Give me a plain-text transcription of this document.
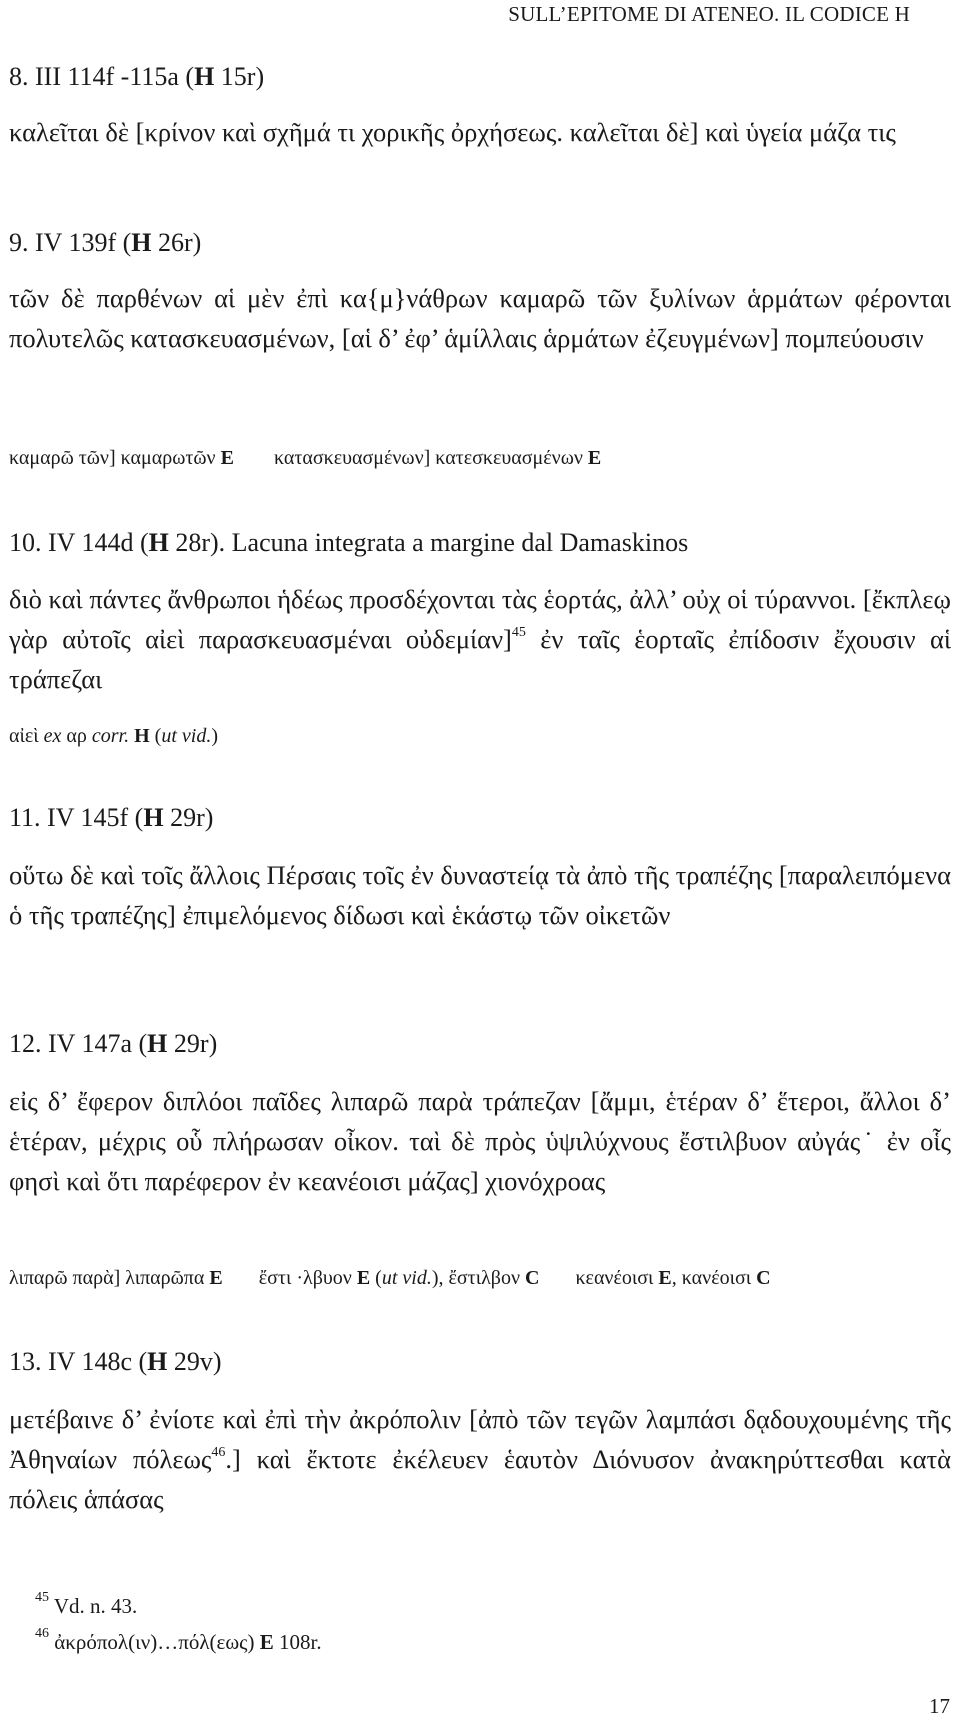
SULL’EPITOME DI ATENEO. IL CODICE H
8. III 114f -115a (H 15r)
καλεῖται δὲ [κρίνον καὶ σχῆμά τι χορικῆς ὀρχήσεως. καλεῖται δὲ] καὶ ὑγεία μάζα τις
9. IV 139f (H 26r)
τῶν δὲ παρθένων αἱ μὲν ἐπὶ κα{μ}νάθρων καμαρῶ τῶν ξυλίνων ἁρμάτων φέρονται πολυτελῶς κατασκευασμένων, [αἱ δ’ ἐφ’ ἁμίλλαις ἁρμάτων ἐζευγμένων] πομπεύουσιν
καμαρῶ τῶν] καμαρωτῶν E κατασκευασμένων] κατεσκευασμένων E
10. IV 144d (H 28r). Lacuna integrata a margine dal Damaskinos
διὸ καὶ πάντες ἄνθρωποι ἡδέως προσδέχονται τὰς ἑορτάς, ἀλλ’ οὐχ οἱ τύραννοι. [ἔκπλεῳ γὰρ αὐτοῖς αἰεὶ παρασκευασμέναι οὐδεμίαν]$^{45}$ ἐν ταῖς ἑορταῖς ἐπίδοσιν ἔχουσιν αἱ τράπεζαι
αἰεὶ ex αρ corr. H (ut vid.)
11. IV 145f (H 29r)
οὕτω δὲ καὶ τοῖς ἄλλοις Πέρσαις τοῖς ἐν δυναστείᾳ τὰ ἀπὸ τῆς τραπέζης [παραλειπόμενα ὁ τῆς τραπέζης] ἐπιμελόμενος δίδωσι καὶ ἑκάστῳ τῶν οἰκετῶν
12. IV 147a (H 29r)
εἰς δ’ ἔφερον διπλόοι παῖδες λιπαρῶ παρὰ τράπεζαν [ἄμμι, ἑτέραν δ’ ἕτεροι, ἄλλοι δ’ ἑτέραν, μέχρις οὗ πλήρωσαν οἶκον. ταὶ δὲ πρὸς ὑψιλύχνους ἔστιλβυον αὐγάς˙ ἐν οἷς φησὶ καὶ ὅτι παρέφερον ἐν κεανέοισι μάζας] χιονόχροας
λιπαρῶ παρὰ] λιπαρῶπα E ἔστι ·λβυον E (ut vid.), ἔστιλβον C κεανέοισι E, κανέοισι C
13. IV 148c (H 29v)
μετέβαινε δ’ ἐνίοτε καὶ ἐπὶ τὴν ἀκρόπολιν [ἀπὸ τῶν τεγῶν λαμπάσι δᾳδουχουμένης τῆς Ἀθηναίων πόλεως$^{46}$.] καὶ ἔκτοτε ἐκέλευεν ἑαυτὸν Διόνυσον ἀνακηρύττεσθαι κατὰ πόλεις ἁπάσας
$^{45}$ Vd. n. 43.
$^{46}$ ἀκρόπολ(ιν)…πόλ(εως) E 108r.
17
